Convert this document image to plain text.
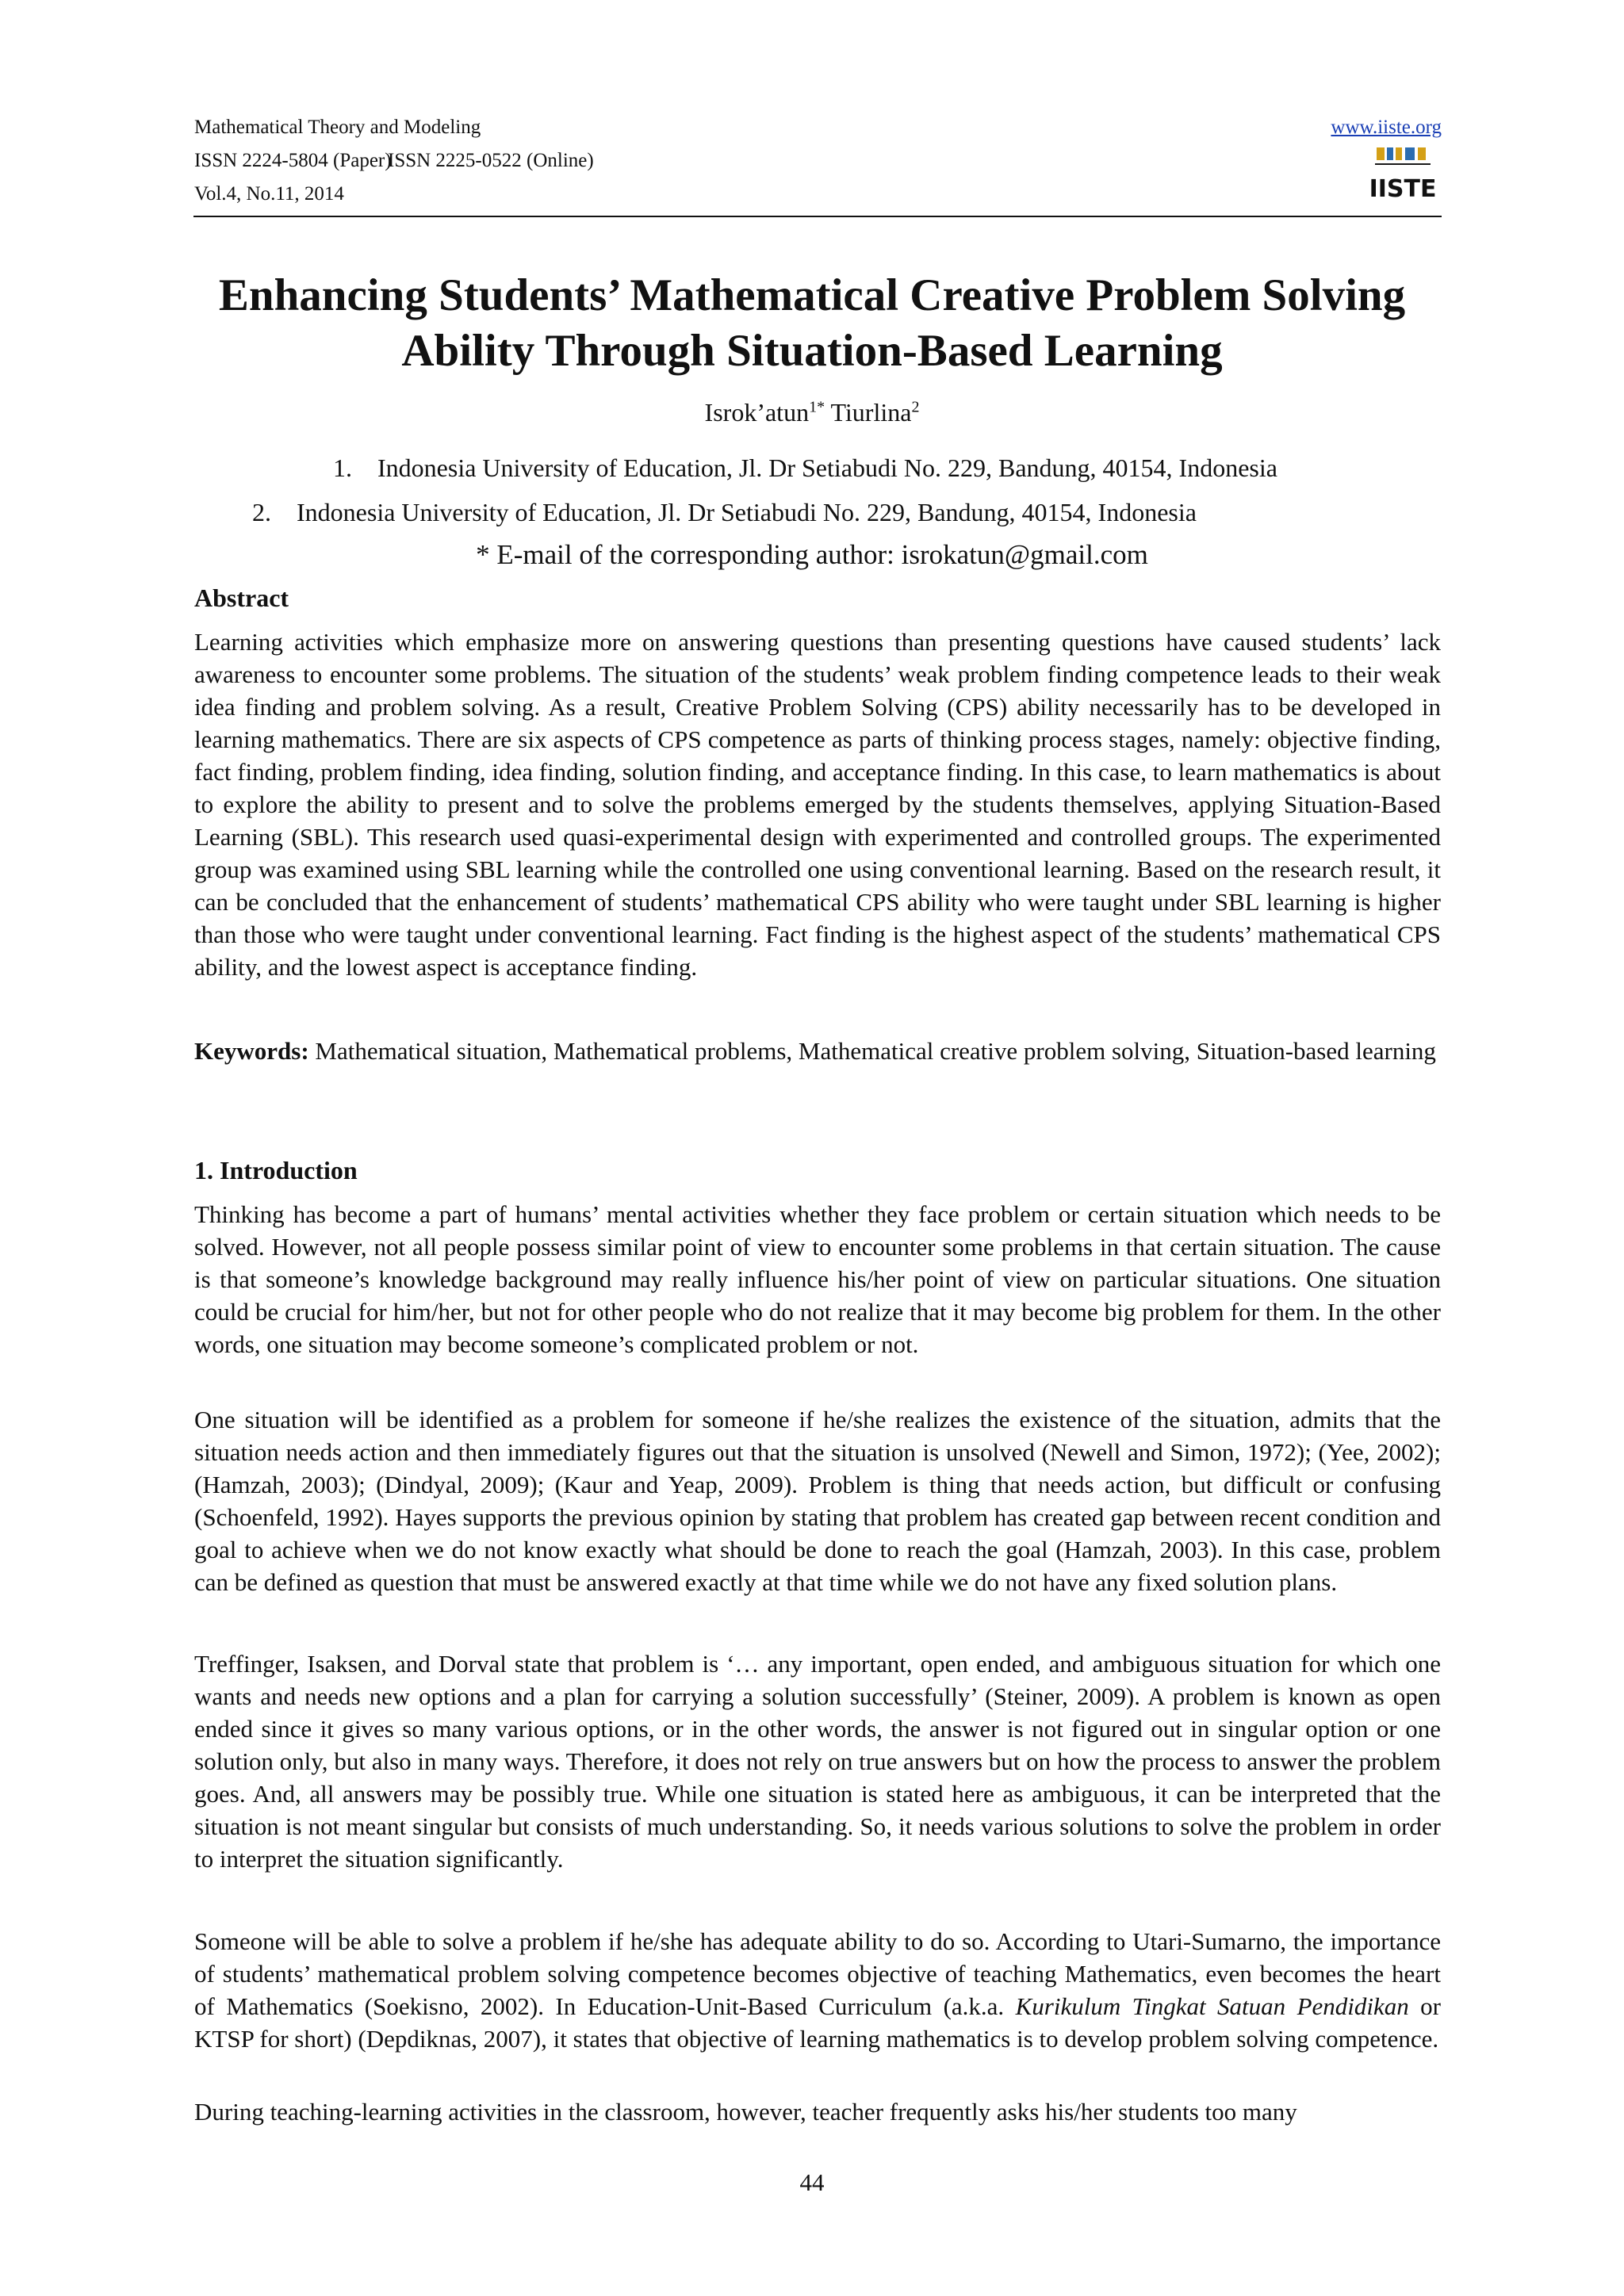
Mathematical Theory and Modeling
ISSN 2224-5804 (Paper)
ISSN 2225-0522 (Online)
Vol.4, No.11, 2014
www.iiste.org
IISTE
Enhancing Students’ Mathematical Creative Problem Solving Ability Through Situation-Based Learning
Isrok’atun$^{1*}$ Tiurlina$^2$
1. Indonesia University of Education, Jl. Dr Setiabudi No. 229, Bandung, 40154, Indonesia
2. Indonesia University of Education, Jl. Dr Setiabudi No. 229, Bandung, 40154, Indonesia
* E-mail of the corresponding author: isrokatun@gmail.com
Abstract

Learning activities which emphasize more on answering questions than presenting questions have caused students’ lack awareness to encounter some problems. The situation of the students’ weak problem finding competence leads to their weak idea finding and problem solving. As a result, Creative Problem Solving (CPS) ability necessarily has to be developed in learning mathematics. There are six aspects of CPS competence as parts of thinking process stages, namely: objective finding, fact finding, problem finding, idea finding, solution finding, and acceptance finding. In this case, to learn mathematics is about to explore the ability to present and to solve the problems emerged by the students themselves, applying Situation-Based Learning (SBL). This research used quasi-experimental design with experimented and controlled groups. The experimented group was examined using SBL learning while the controlled one using conventional learning. Based on the research result, it can be concluded that the enhancement of students’ mathematical CPS ability who were taught under SBL learning is higher than those who were taught under conventional learning. Fact finding is the highest aspect of the students’ mathematical CPS ability, and the lowest aspect is acceptance finding.

Keywords: Mathematical situation, Mathematical problems, Mathematical creative problem solving, Situation-based learning

1. Introduction

Thinking has become a part of humans’ mental activities whether they face problem or certain situation which needs to be solved. However, not all people possess similar point of view to encounter some problems in that certain situation. The cause is that someone’s knowledge background may really influence his/her point of view on particular situations. One situation could be crucial for him/her, but not for other people who do not realize that it may become big problem for them. In the other words, one situation may become someone’s complicated problem or not.

One situation will be identified as a problem for someone if he/she realizes the existence of the situation, admits that the situation needs action and then immediately figures out that the situation is unsolved (Newell and Simon, 1972); (Yee, 2002); (Hamzah, 2003); (Dindyal, 2009); (Kaur and Yeap, 2009). Problem is thing that needs action, but difficult or confusing (Schoenfeld, 1992). Hayes supports the previous opinion by stating that problem has created gap between recent condition and goal to achieve when we do not know exactly what should be done to reach the goal (Hamzah, 2003). In this case, problem can be defined as question that must be answered exactly at that time while we do not have any fixed solution plans.

Treffinger, Isaksen, and Dorval state that problem is ‘… any important, open ended, and ambiguous situation for which one wants and needs new options and a plan for carrying a solution successfully’ (Steiner, 2009). A problem is known as open ended since it gives so many various options, or in the other words, the answer is not figured out in singular option or one solution only, but also in many ways. Therefore, it does not rely on true answers but on how the process to answer the problem goes. And, all answers may be possibly true. While one situation is stated here as ambiguous, it can be interpreted that the situation is not meant singular but consists of much understanding. So, it needs various solutions to solve the problem in order to interpret the situation significantly.

Someone will be able to solve a problem if he/she has adequate ability to do so. According to Utari-Sumarno, the importance of students’ mathematical problem solving competence becomes objective of teaching Mathematics, even becomes the heart of Mathematics (Soekisno, 2002). In Education-Unit-Based Curriculum (a.k.a. Kurikulum Tingkat Satuan Pendidikan or KTSP for short) (Depdiknas, 2007), it states that objective of learning mathematics is to develop problem solving competence.

During teaching-learning activities in the classroom, however, teacher frequently asks his/her students too many

44
